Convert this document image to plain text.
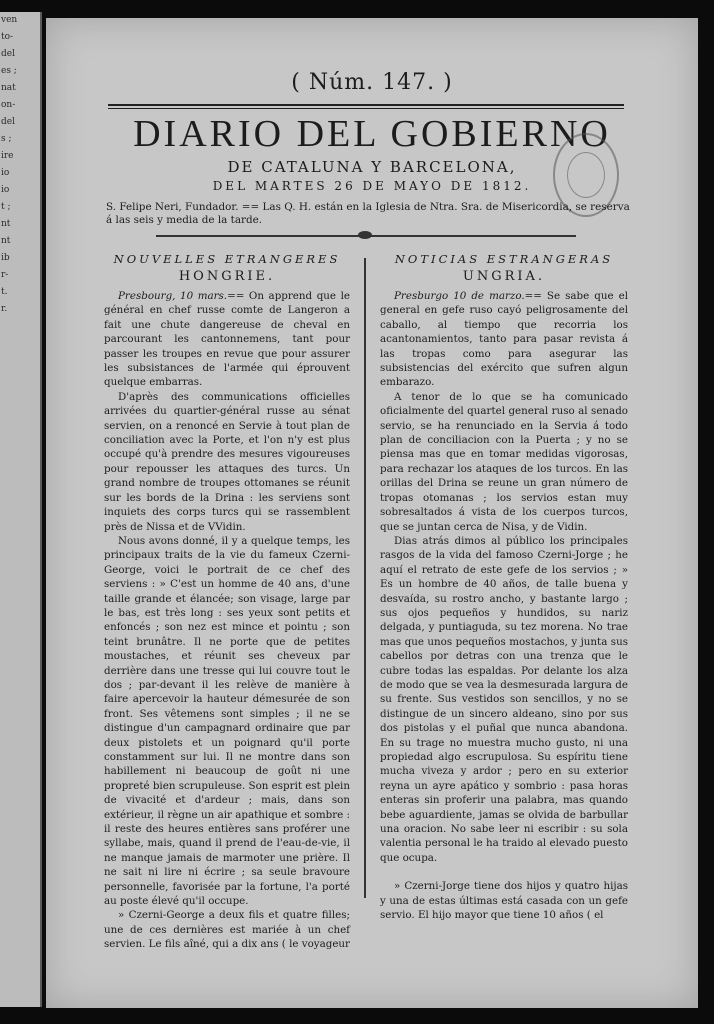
ven
to-
del
es ;
nat
on-
del
s ;
ire
io
io
t ;
nt
nt
ib
r-
t.
r.
( Núm. 147. )
DIARIO DEL GOBIERNO
DE CATALUNA Y BARCELONA,
DEL MARTES 26 DE MAYO DE 1812.
S. Felipe Neri, Fundador. == Las Q. H. están en la Iglesia de Ntra. Sra. de Misericordia, se reserva á las seis y media de la tarde.
NOUVELLES ETRANGERES
HONGRIE.

Presbourg, 10 mars.== On apprend que le général en chef russe comte de Langeron a fait une chute dangereuse de cheval en parcourant les cantonnemens, tant pour passer les troupes en revue que pour assurer les subsistances de l'armée qui éprouvent quelque embarras.

D'après des communications officielles arrivées du quartier-général russe au sénat servien, on a renoncé en Servie à tout plan de conciliation avec la Porte, et l'on n'y est plus occupé qu'à prendre des mesures vigoureuses pour repousser les attaques des turcs. Un grand nombre de troupes ottomanes se réunit sur les bords de la Drina : les serviens sont inquiets des corps turcs qui se rassemblent près de Nissa et de VVidin.

Nous avons donné, il y a quelque temps, les principaux traits de la vie du fameux Czerni-George, voici le portrait de ce chef des serviens : » C'est un homme de 40 ans, d'une taille grande et élancée; son visage, large par le bas, est très long : ses yeux sont petits et enfoncés ; son nez est mince et pointu ; son teint brunâtre. Il ne porte que de petites moustaches, et réunit ses cheveux par derrière dans une tresse qui lui couvre tout le dos ; par-devant il les relève de manière à faire apercevoir la hauteur démesurée de son front. Ses vêtemens sont simples ; il ne se distingue d'un campagnard ordinaire que par deux pistolets et un poignard qu'il porte constamment sur lui. Il ne montre dans son habillement ni beaucoup de goût ni une propreté bien scrupuleuse. Son esprit est plein de vivacité et d'ardeur ; mais, dans son extérieur, il règne un air apathique et sombre : il reste des heures entières sans proférer une syllabe, mais, quand il prend de l'eau-de-vie, il ne manque jamais de marmoter une prière. Il ne sait ni lire ni écrire ; sa seule bravoure personnelle, favorisée par la fortune, l'a porté au poste élevé qu'il occupe.

» Czerni-George a deux fils et quatre filles; une de ces dernières est mariée à un chef servien. Le fils aîné, qui a dix ans ( le voyageur

NOTICIAS ESTRANGERAS
UNGRIA.

Presburgo 10 de marzo.== Se sabe que el general en gefe ruso cayó peligrosamente del caballo, al tiempo que recorria los acantonamientos, tanto para pasar revista á las tropas como para asegurar las subsistencias del exército que sufren algun embarazo.

A tenor de lo que se ha comunicado oficialmente del quartel general ruso al senado servio, se ha renunciado en la Servia á todo plan de conciliacion con la Puerta ; y no se piensa mas que en tomar medidas vigorosas, para rechazar los ataques de los turcos. En las orillas del Drina se reune un gran número de tropas otomanas ; los servios estan muy sobresaltados á vista de los cuerpos turcos, que se juntan cerca de Nisa, y de Vidin.

Dias atrás dimos al público los principales rasgos de la vida del famoso Czerni-Jorge ; he aquí el retrato de este gefe de los servios ; » Es un hombre de 40 años, de talle buena y desvaída, su rostro ancho, y bastante largo ; sus ojos pequeños y hundidos, su nariz delgada, y puntiaguda, su tez morena. No trae mas que unos pequeños mostachos, y junta sus cabellos por detras con una trenza que le cubre todas las espaldas. Por delante los alza de modo que se vea la desmesurada largura de su frente. Sus vestidos son sencillos, y no se distingue de un sincero aldeano, sino por sus dos pistolas y el puñal que nunca abandona. En su trage no muestra mucho gusto, ni una propiedad algo escrupulosa. Su espíritu tiene mucha viveza y ardor ; pero en su exterior reyna un ayre apático y sombrio : pasa horas enteras sin proferir una palabra, mas quando bebe aguardiente, jamas se olvida de barbullar una oracion. No sabe leer ni escribir : su sola valentia personal le ha traido al elevado puesto que ocupa.

» Czerni-Jorge tiene dos hijos y quatro hijas y una de estas últimas está casada con un gefe servio. El hijo mayor que tiene 10 años ( el
